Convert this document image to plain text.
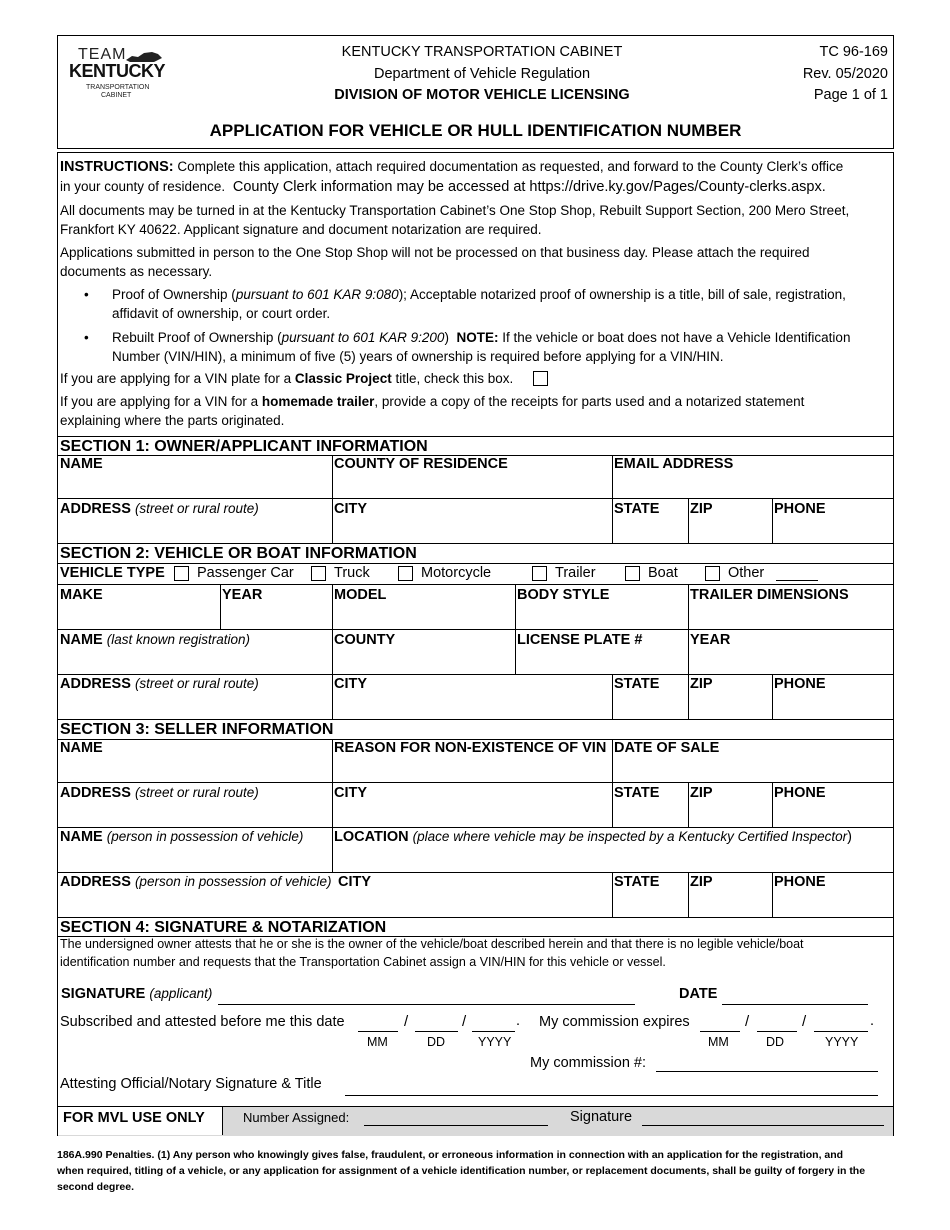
TEAM
KENTUCKY
TRANSPORTATION
CABINET
KENTUCKY TRANSPORTATION CABINET
Department of Vehicle Regulation
DIVISION OF MOTOR VEHICLE LICENSING
TC 96-169
Rev. 05/2020
Page 1 of 1
APPLICATION FOR VEHICLE OR HULL IDENTIFICATION NUMBER
INSTRUCTIONS: Complete this application, attach required documentation as requested, and forward to the County Clerk’s office
in your county of residence. County Clerk information may be accessed at https://drive.ky.gov/Pages/County-clerks.aspx.
All documents may be turned in at the Kentucky Transportation Cabinet’s One Stop Shop, Rebuilt Support Section, 200 Mero Street,
Frankfort KY 40622. Applicant signature and document notarization are required.
Applications submitted in person to the One Stop Shop will not be processed on that business day. Please attach the required
documents as necessary.
• Proof of Ownership (pursuant to 601 KAR 9:080); Acceptable notarized proof of ownership is a title, bill of sale, registration,
affidavit of ownership, or court order.
• Rebuilt Proof of Ownership (pursuant to 601 KAR 9:200) NOTE: If the vehicle or boat does not have a Vehicle Identification
Number (VIN/HIN), a minimum of five (5) years of ownership is required before applying for a VIN/HIN.
If you are applying for a VIN plate for a Classic Project title, check this box.
If you are applying for a VIN for a homemade trailer, provide a copy of the receipts for parts used and a notarized statement
explaining where the parts originated.
SECTION 1: OWNER/APPLICANT INFORMATION
NAME	COUNTY OF RESIDENCE	EMAIL ADDRESS
ADDRESS (street or rural route)	CITY	STATE ZIP	PHONE
SECTION 2: VEHICLE OR BOAT INFORMATION
VEHICLE TYPE Passenger Car	Truck	Motorcycle	Trailer	Boat	Other
MAKE	YEAR	MODEL	BODY STYLE	TRAILER DIMENSIONS
NAME (last known registration)	COUNTY	LICENSE PLATE #	YEAR
ADDRESS (street or rural route)	CITY	STATE ZIP	PHONE
SECTION 3: SELLER INFORMATION
NAME	REASON FOR NON-EXISTENCE OF VIN DATE OF SALE
ADDRESS (street or rural route)	CITY	STATE ZIP	PHONE
NAME (person in possession of vehicle) LOCATION (place where vehicle may be inspected by a Kentucky Certified Inspector)
ADDRESS (person in possession of vehicle) CITY	STATE ZIP	PHONE
SECTION 4: SIGNATURE & NOTARIZATION
The undersigned owner attests that he or she is the owner of the vehicle/boat described herein and that there is no legible vehicle/boat
identification number and requests that the Transportation Cabinet assign a VIN/HIN for this vehicle or vessel.
SIGNATURE (applicant)	DATE
Subscribed and attested before me this date	/	/	. My commission expires	/	/	.
MM	DD	YYYY	MM	DD	YYYY
My commission #:
Attesting Official/Notary Signature & Title
FOR MVL USE ONLY	Number Assigned:	Signature
186A.990 Penalties. (1) Any person who knowingly gives false, fraudulent, or erroneous information in connection with an application for the registration, and
when required, titling of a vehicle, or any application for assignment of a vehicle identification number, or replacement documents, shall be guilty of forgery in the
second degree.
